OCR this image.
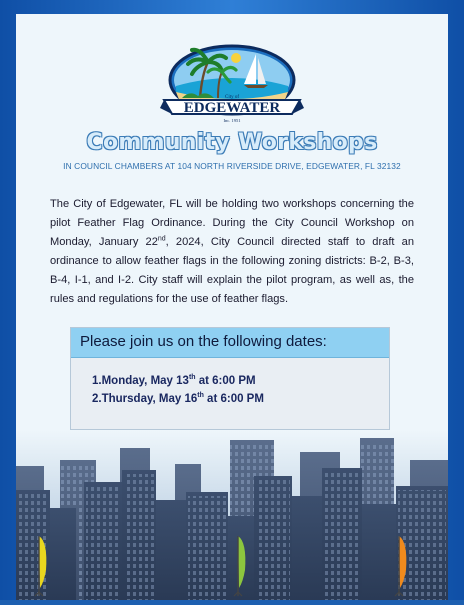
City of
EDGEWATER
Inc. 1951
Community Workshops
IN COUNCIL CHAMBERS AT 104 NORTH RIVERSIDE DRIVE, EDGEWATER, FL 32132
The City of Edgewater, FL will be holding two workshops concerning the pilot Feather Flag Ordinance. During the City Council Workshop on Monday, January 22nd, 2024, City Council directed staff to draft an ordinance to allow feather flags in the following zoning districts: B-2, B-3, B-4, I-1, and I-2. City staff will explain the pilot program, as well as, the rules and regulations for the use of feather flags.
Please join us on the following dates:
1.Monday, May 13th at 6:00 PM
2.Thursday, May 16th at 6:00 PM
